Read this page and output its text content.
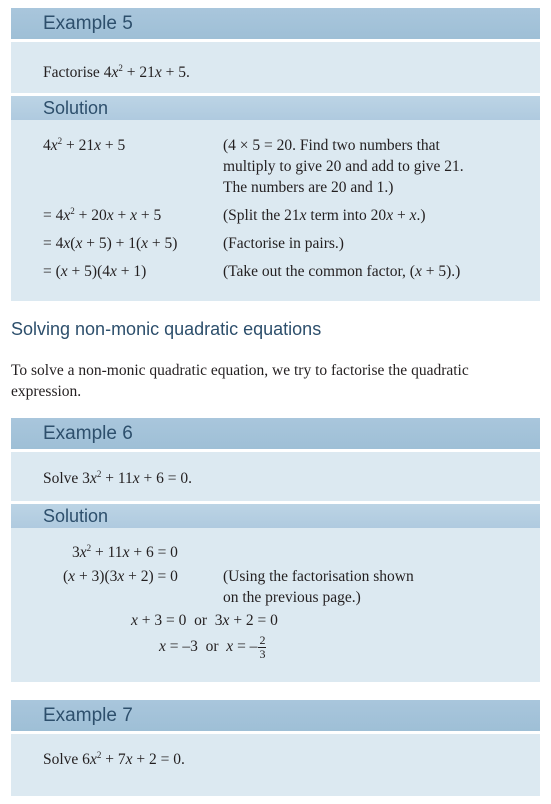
Example 5
Factorise $4x^2 + 21x + 5$.
Solution
$4x^2 + 21x + 5$	(4 × 5 = 20. Find two numbers that
multiply to give 20 and add to give 21.
The numbers are 20 and 1.)
= $4x^2 + 20x + x + 5$	(Split the 21x term into 20x + x.)
= 4x(x + 5) + 1(x + 5)	(Factorise in pairs.)
= (x + 5)(4x + 1)	(Take out the common factor, (x + 5).)
Solving non-monic quadratic equations
To solve a non-monic quadratic equation, we try to factorise the quadratic expression.
Example 6
Solve $3x^2 + 11x + 6 = 0$.
Solution
$3x^2 + 11x + 6 = 0$
(x + 3)(3x + 2) = 0	(Using the factorisation shown
on the previous page.)
x + 3 = 0  or  3x + 2 = 0
x = –3  or  x = – $\frac{2}{3}$
Example 7
Solve $6x^2 + 7x + 2 = 0$.
